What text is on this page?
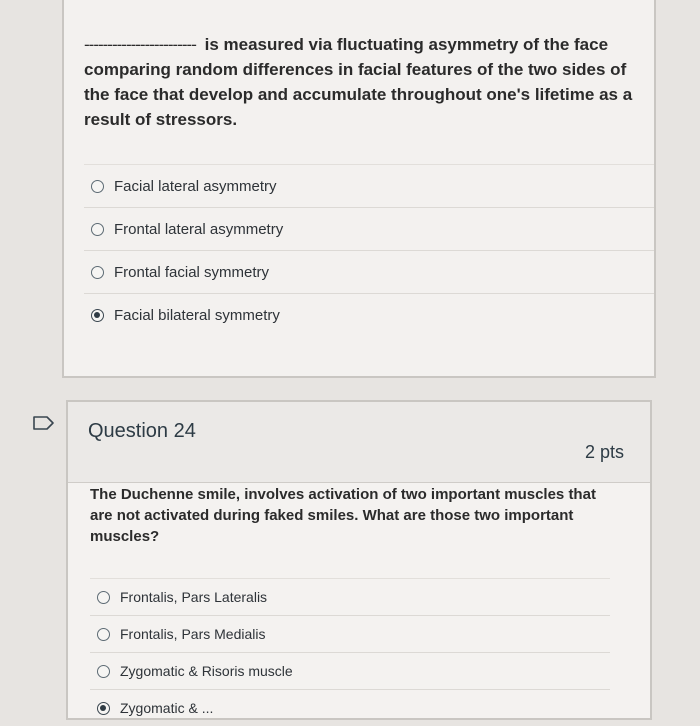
------------------------ is measured via fluctuating asymmetry of the face comparing random differences in facial features of the two sides of the face that develop and accumulate throughout one's lifetime as a result of stressors.
Facial lateral asymmetry
Frontal lateral asymmetry
Frontal facial symmetry
Facial bilateral symmetry
Question 24
2 pts
The Duchenne smile, involves activation of two important muscles that are not activated during faked smiles. What are those two important muscles?
Frontalis, Pars Lateralis
Frontalis, Pars Medialis
Zygomatic & Risoris muscle
Zygomatic & ...
